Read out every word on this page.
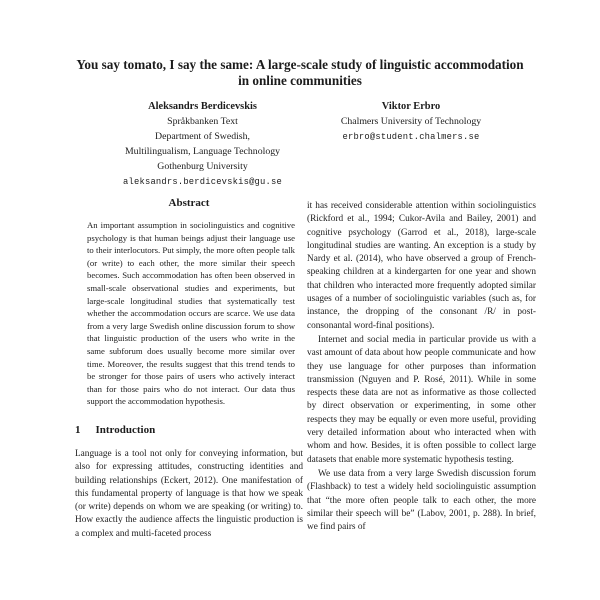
You say tomato, I say the same: A large-scale study of linguistic accommodation in online communities
Aleksandrs Berdicevskis
Språkbanken Text
Department of Swedish,
Multilingualism, Language Technology
Gothenburg University
aleksandrs.berdicevskis@gu.se
Viktor Erbro
Chalmers University of Technology
erbro@student.chalmers.se
Abstract
An important assumption in sociolinguistics and cognitive psychology is that human beings adjust their language use to their interlocutors. Put simply, the more often people talk (or write) to each other, the more similar their speech becomes. Such accommodation has often been observed in small-scale observational studies and experiments, but large-scale longitudinal studies that systematically test whether the accommodation occurs are scarce. We use data from a very large Swedish online discussion forum to show that linguistic production of the users who write in the same subforum does usually become more similar over time. Moreover, the results suggest that this trend tends to be stronger for those pairs of users who actively interact than for those pairs who do not interact. Our data thus support the accommodation hypothesis.
1 Introduction
Language is a tool not only for conveying information, but also for expressing attitudes, constructing identities and building relationships (Eckert, 2012). One manifestation of this fundamental property of language is that how we speak (or write) depends on whom we are speaking (or writing) to. How exactly the audience affects the linguistic production is a complex and multi-faceted process
it has received considerable attention within sociolinguistics (Rickford et al., 1994; Cukor-Avila and Bailey, 2001) and cognitive psychology (Garrod et al., 2018), large-scale longitudinal studies are wanting. An exception is a study by Nardy et al. (2014), who have observed a group of French-speaking children at a kindergarten for one year and shown that children who interacted more frequently adopted similar usages of a number of sociolinguistic variables (such as, for instance, the dropping of the consonant /R/ in post-consonantal word-final positions).
Internet and social media in particular provide us with a vast amount of data about how people communicate and how they use language for other purposes than information transmission (Nguyen and P. Rosé, 2011). While in some respects these data are not as informative as those collected by direct observation or experimenting, in some other respects they may be equally or even more useful, providing very detailed information about who interacted when with whom and how. Besides, it is often possible to collect large datasets that enable more systematic hypothesis testing.
We use data from a very large Swedish discussion forum (Flashback) to test a widely held sociolinguistic assumption that “the more often people talk to each other, the more similar their speech will be” (Labov, 2001, p. 288). In brief, we find pairs of
